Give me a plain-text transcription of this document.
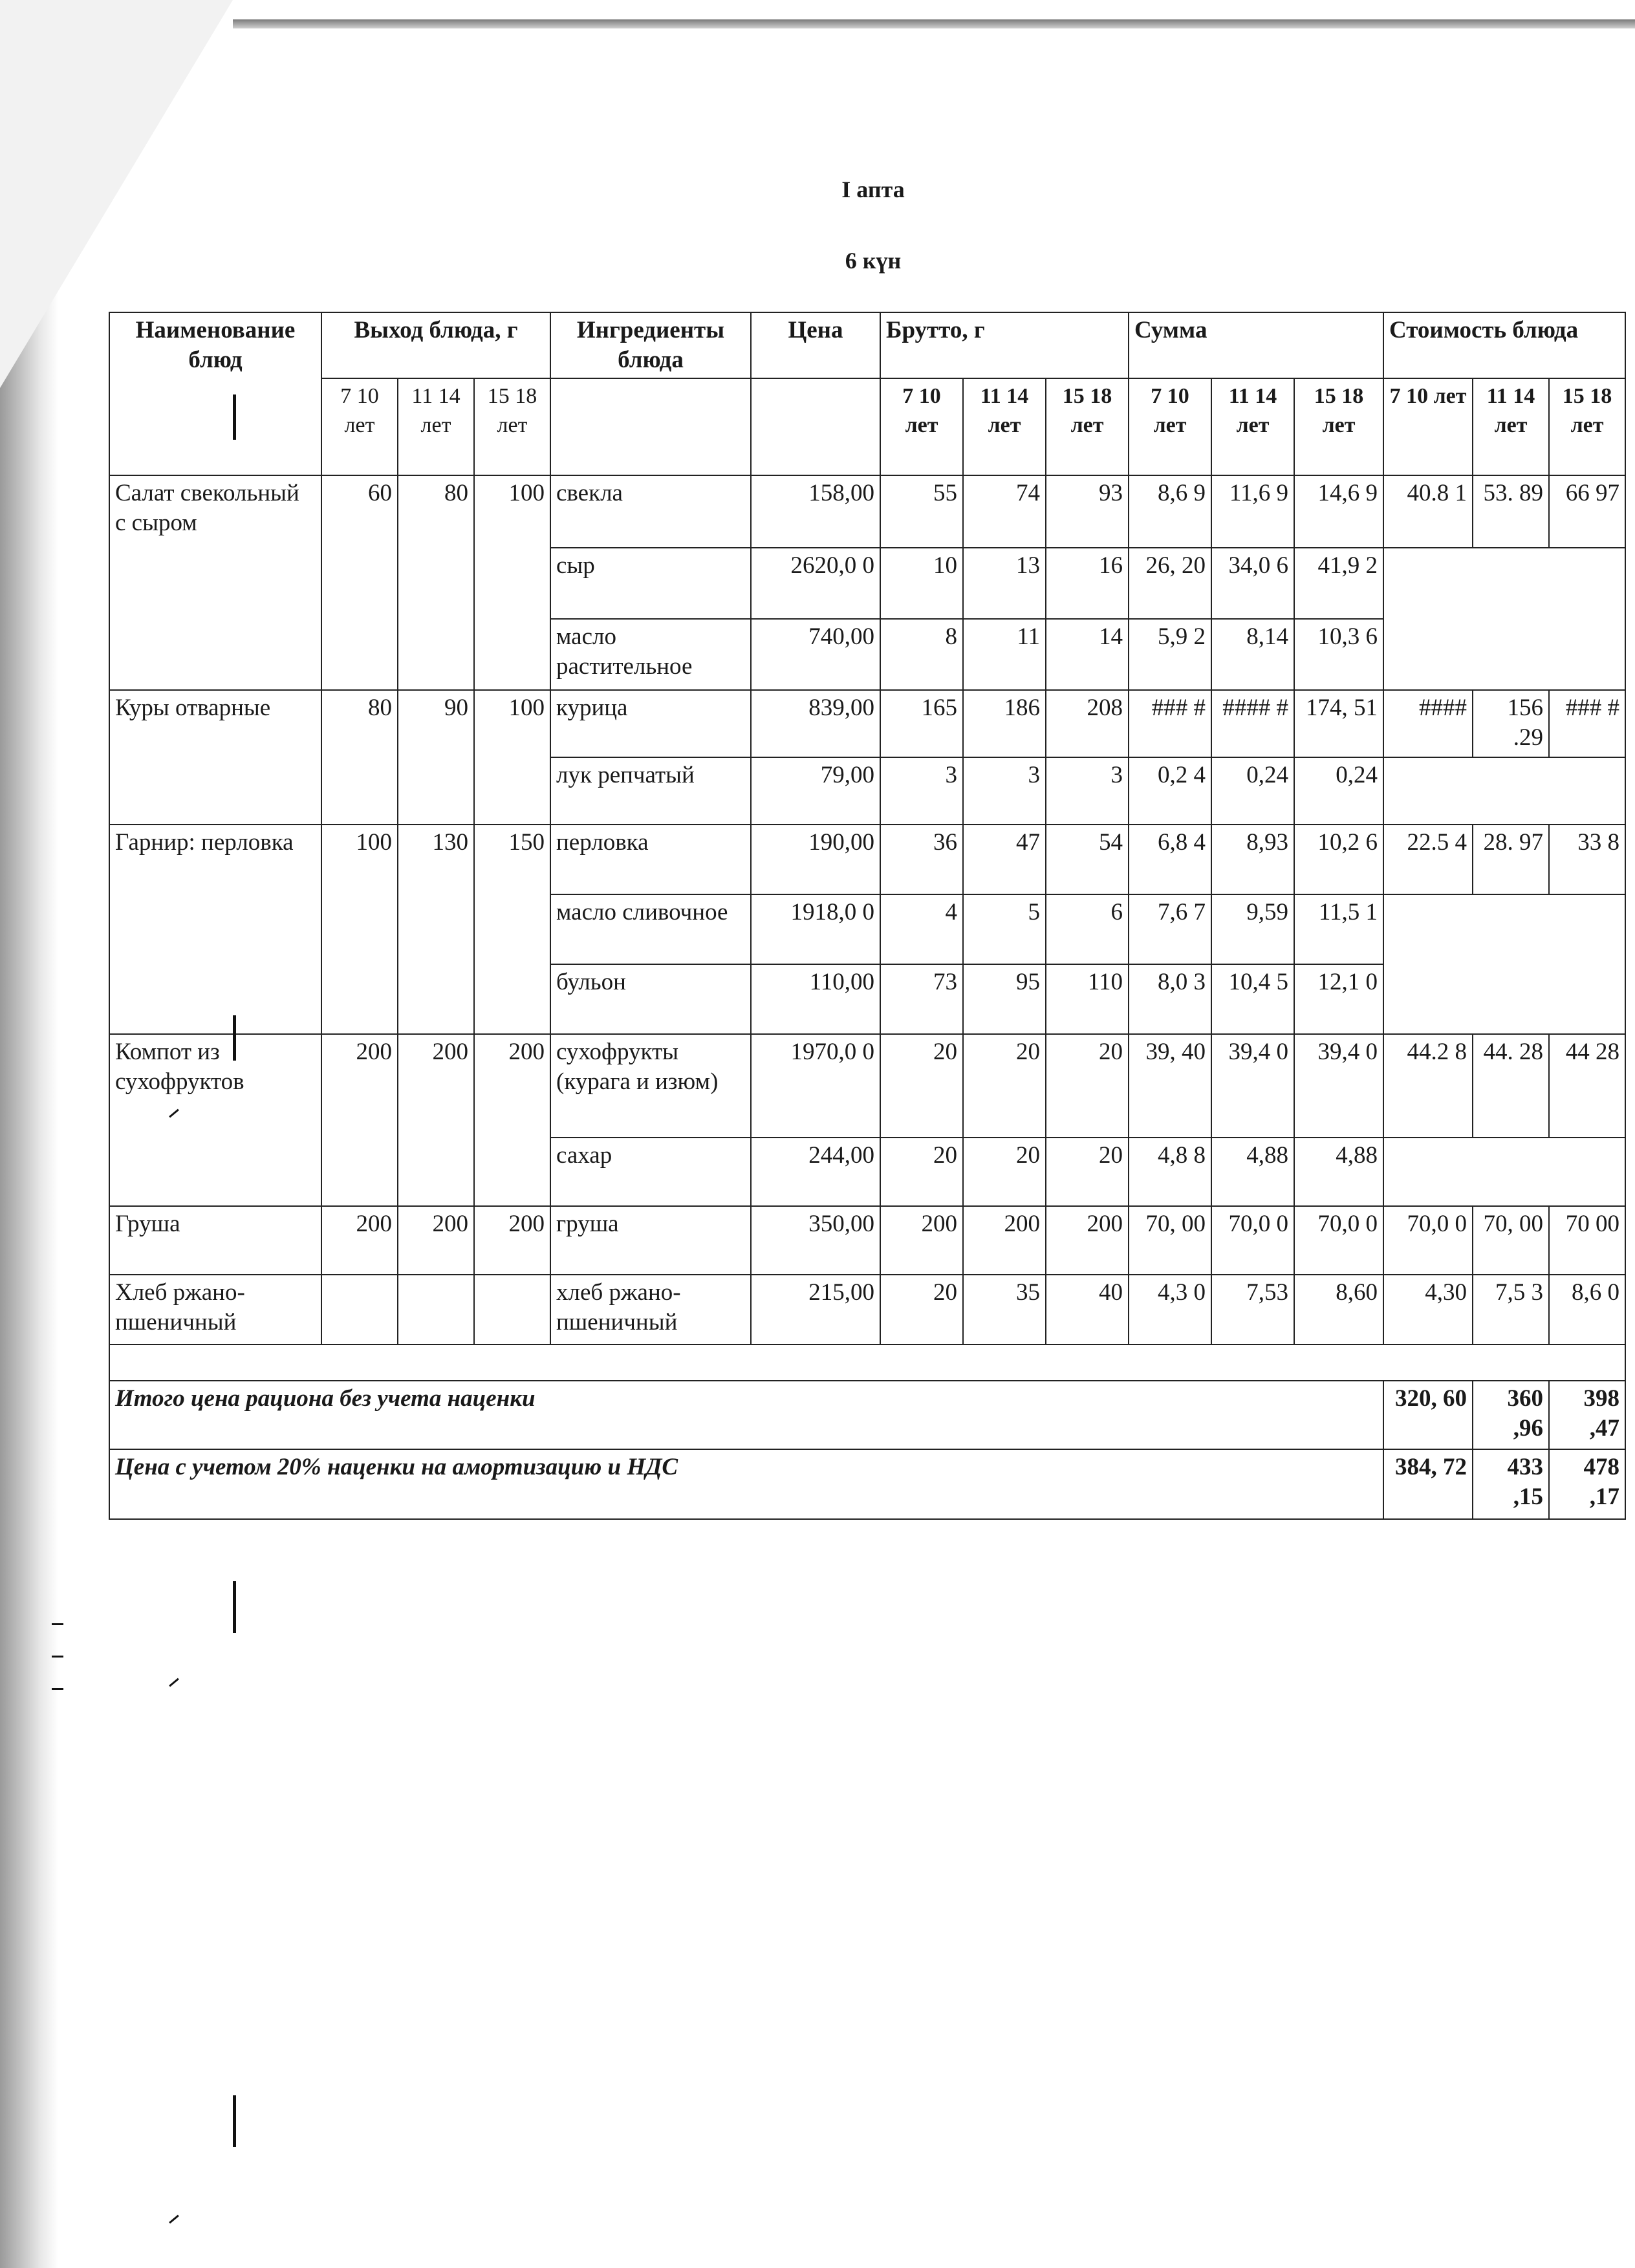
I апта
6 күн
Наименование блюд	Выход блюда, г			Ингредиенты блюда	Цена	Брутто, г			Сумма			Стоимость блюда		
	7 10 лет	11 14 лет	15 18 лет			7 10 лет	11 14 лет	15 18 лет	7 10 лет	11 14 лет	15 18 лет	7 10 лет	11 14 лет	15 18 лет
Салат свекольный с сыром	60	80	100	свекла	158,00	55	74	93	8,6 9	11,6 9	14,6 9	40.8 1	53. 89	66 97
				сыр	2620,0 0	10	13	16	26, 20	34,0 6	41,9 2			
				масло растительное	740,00	8	11	14	5,9 2	8,14	10,3 6			
Куры отварные	80	90	100	курица	839,00	165	186	208	### #	#### #	174, 51	####	156 .29	### #
				лук репчатый	79,00	3	3	3	0,2 4	0,24	0,24			
Гарнир: перловка	100	130	150	перловка	190,00	36	47	54	6,8 4	8,93	10,2 6	22.5 4	28. 97	33 8
				масло сливочное	1918,0 0	4	5	6	7,6 7	9,59	11,5 1			
				бульон	110,00	73	95	110	8,0 3	10,4 5	12,1 0			
Компот из сухофруктов	200	200	200	сухофрукты (курага и изюм)	1970,0 0	20	20	20	39, 40	39,4 0	39,4 0	44.2 8	44. 28	44 28
				сахар	244,00	20	20	20	4,8 8	4,88	4,88			
Груша	200	200	200	груша	350,00	200	200	200	70, 00	70,0 0	70,0 0	70,0 0	70, 00	70 00
Хлеб ржано-пшеничный				хлеб ржано-пшеничный	215,00	20	35	40	4,3 0	7,53	8,60	4,30	7,5 3	8,6 0

Итого цена рациона без учета наценки												320, 60	360 ,96	398 ,47
Цена с учетом 20% наценки на амортизацию и НДС												384, 72	433 ,15	478 ,17
